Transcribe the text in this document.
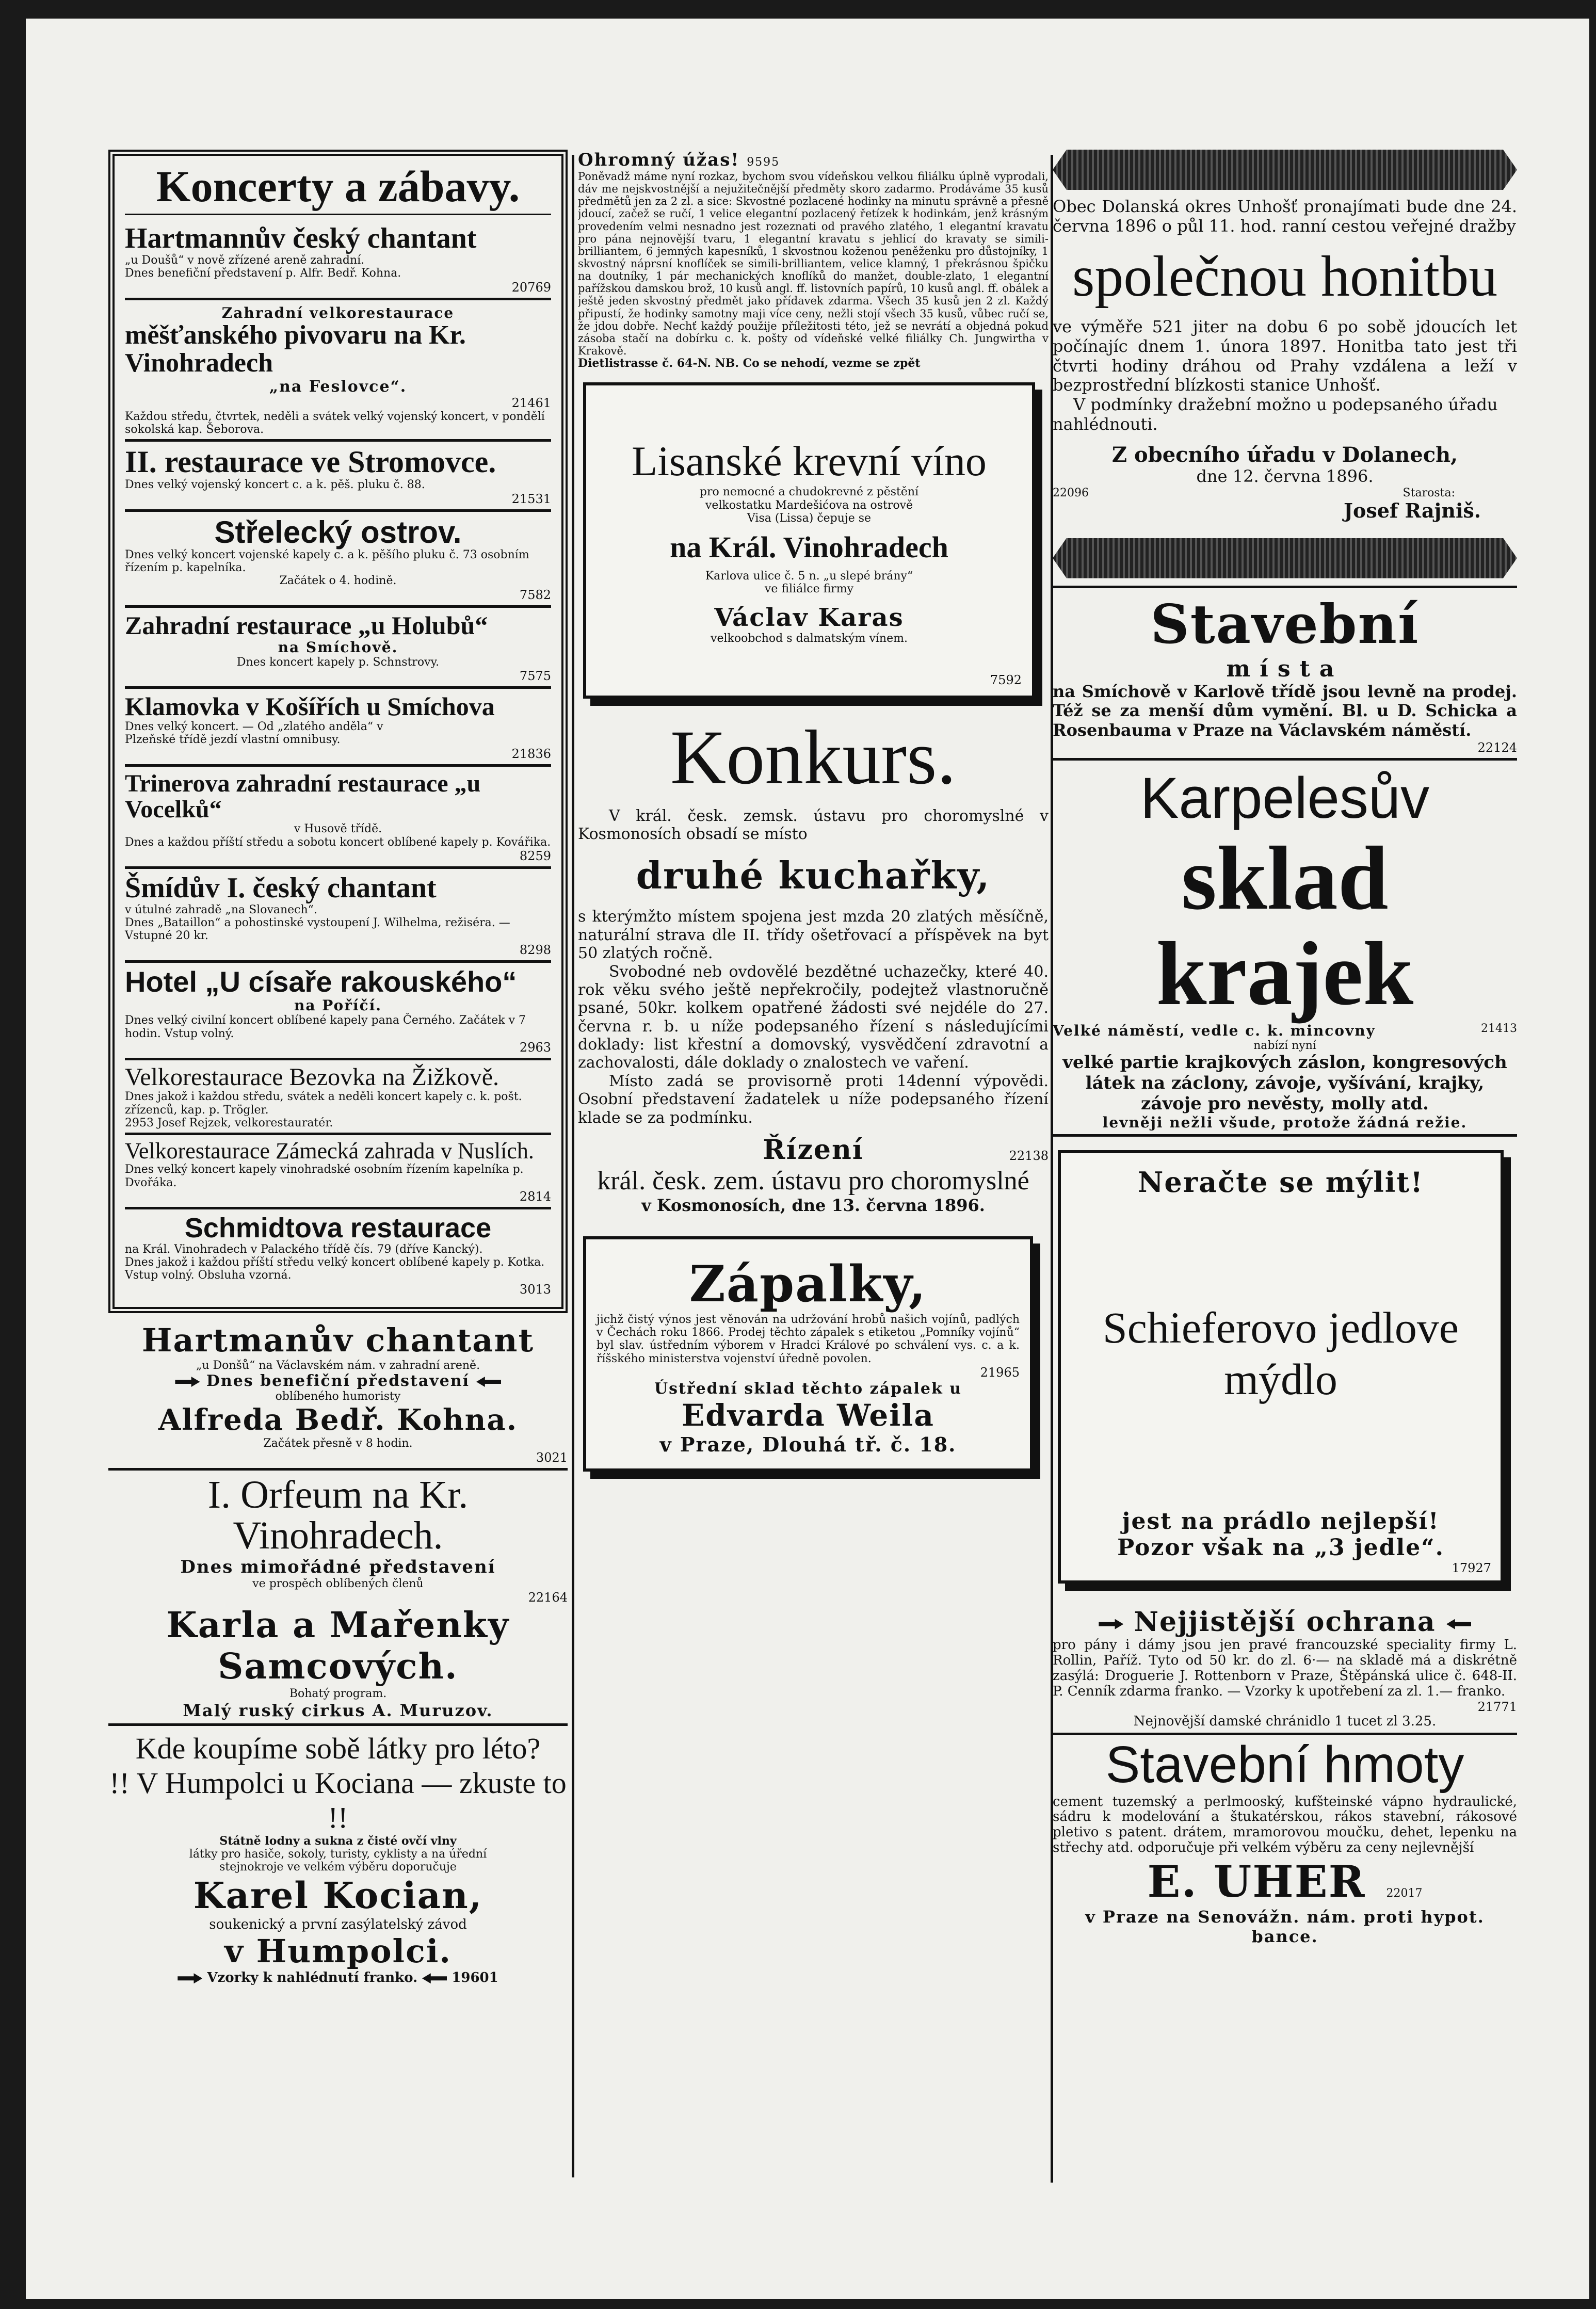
Koncerty a zábavy.
Hartmannův český chantant
„u Doušů“ v nově zřízené areně zahradní.
Dnes benefiční představení p. Alfr. Bedř. Kohna.
20769
Zahradní velkorestaurace
měšťanského pivovaru na Kr. Vinohradech
„na Feslovce“.
21461
Každou středu, čtvrtek, neděli a svátek velký vojenský koncert, v pondělí sokolská kap. Šeborova.
II. restaurace ve Stromovce.
Dnes velký vojenský koncert c. a k. pěš. pluku č. 88.
21531
Střelecký ostrov.
Dnes velký koncert vojenské kapely c. a k. pěšího pluku č. 73 osobním řízením p. kapelníka.
Začátek o 4. hodině.
7582
Zahradní restaurace „u Holubů“
na Smíchově.
Dnes koncert kapely p. Schnstrovy.
7575
Klamovka v Košířích u Smíchova
Dnes velký koncert. — Od „zlatého anděla“ v
Plzeňské třídě jezdí vlastní omnibusy.
21836
Trinerova zahradní restaurace „u Vocelků“
v Husově třídě.
Dnes a každou příští středu a sobotu koncert oblíbené kapely p. Kovářika.
8259
Šmídův I. český chantant
v útulné zahradě „na Slovanech“.
Dnes „Bataillon“ a pohostinské vystoupení J. Wilhelma, režiséra. — Vstupné 20 kr.
8298
Hotel „U císaře rakouského“
na Poříčí.
Dnes velký civilní koncert oblíbené kapely pana Černého. Začátek v 7 hodin. Vstup volný.
2963
Velkorestaurace Bezovka na Žižkově.
Dnes jakož i každou středu, svátek a neděli koncert kapely c. k. pošt. zřízenců, kap. p. Trögler.
2953 Josef Rejzek, velkorestauratér.
Velkorestaurace Zámecká zahrada v Nuslích.
Dnes velký koncert kapely vinohradské osobním řízením kapelníka p. Dvořáka.
2814
Schmidtova restaurace
na Král. Vinohradech v Palackého třídě čís. 79 (dříve Kancký).
Dnes jakož i každou příští středu velký koncert oblíbené kapely p. Kotka.
Vstup volný. Obsluha vzorná.
3013
Hartmanův chantant
„u Donšů“ na Václavském nám. v zahradní areně.
Dnes benefiční představení
oblíbeného humoristy
Alfreda Bedř. Kohna.
Začátek přesně v 8 hodin.
3021
I. Orfeum na Kr. Vinohradech.
Dnes mimořádné představení
ve prospěch oblíbených členů
22164
Karla a Mařenky
Samcových.
Bohatý program.
Malý ruský cirkus A. Muruzov.
Kde koupíme sobě látky pro léto?
!! V Humpolci u Kociana — zkuste to !!
Státně lodny a sukna z čisté ovčí vlny
látky pro hasiče, sokoly, turisty, cyklisty a na úřední
stejnokroje ve velkém výběru doporučuje
Karel Kocian,
soukenický a první zasýlatelský závod
v Humpolci.
Vzorky k nahlédnutí franko.	19601
Ohromný úžas! 9595
Poněvadž máme nyní rozkaz, bychom svou vídeňskou velkou filiálku úplně vyprodali, dáv me nejskvostnější a nejužitečnější předměty skoro zadarmo. Prodáváme 35 kusů předmětů jen za 2 zl. a sice: Skvostné pozlacené hodinky na minutu správně a přesně jdoucí, začež se ručí, 1 velice elegantní pozlacený řetízek k hodinkám, jenž krásným provedením velmi nesnadno jest rozeznati od pravého zlatého, 1 elegantní kravatu pro pána nejnovější tvaru, 1 elegantní kravatu s jehlicí do kravaty se simili-brilliantem, 6 jemných kapesníků, 1 skvostnou koženou peněženku pro důstojníky, 1 skvostný náprsní knoflíček se simili-brilliantem, velice klamný, 1 překrásnou špičku na doutníky, 1 pár mechanických knoflíků do manžet, double-zlato, 1 elegantní pařížskou damskou brož, 10 kusů angl. ff. listovních papírů, 10 kusů angl. ff. obálek a ještě jeden skvostný předmět jako přídavek zdarma. Všech 35 kusů jen 2 zl. Každý připustí, že hodinky samotny maji více ceny, nežli stojí všech 35 kusů, vůbec ručí se, že jdou dobře. Nechť každý použije příležitosti této, jež se nevrátí a objedná pokud zásoba stačí na dobírku c. k. pošty od vídeňské velké filiálky Ch. Jungwirtha v Krakově.
Dietlistrasse č. 64-N. NB. Co se nehodí, vezme se zpět
Lisanské krevní víno
pro nemocné a chudokrevné z pěstění
velkostatku Mardešićova na ostrově
Visa (Lissa) čepuje se
na Král. Vinohradech
Karlova ulice č. 5 n. „u slepé brány“
ve filiálce firmy
Václav Karas
velkoobchod s dalmatským vínem.
7592
Konkurs.
V král. česk. zemsk. ústavu pro choromyslné v Kosmonosích obsadí se místo
druhé kuchařky,
s kterýmžto místem spojena jest mzda 20 zlatých měsíčně, naturální strava dle II. třídy ošetřovací a příspěvek na byt 50 zlatých ročně.
Svobodné neb ovdovělé bezdětné uchazečky, které 40. rok věku svého ještě nepřekročily, podejtež vlastnoručně psané, 50kr. kolkem opatřené žádosti své nejdéle do 27. června r. b. u níže podepsaného řízení s následujícími doklady: list křestní a domovský, vysvědčení zdravotní a zachovalosti, dále doklady o znalostech ve vaření.
Místo zadá se provisorně proti 14denní výpovědi. Osobní představení žadatelek u níže podepsaného řízení klade se za podmínku.
Řízení	22138
král. česk. zem. ústavu pro choromyslné
v Kosmonosích, dne 13. června 1896.
Zápalky,
jichž čistý výnos jest věnován na udržování hrobů našich vojínů, padlých v Čechách roku 1866. Prodej těchto zápalek s etiketou „Pomníky vojínů“ byl slav. ústředním výborem v Hradci Králové po schválení vys. c. a k. říšského ministerstva vojenství úředně povolen.
21965
Ústřední sklad těchto zápalek u
Edvarda Weila
v Praze, Dlouhá tř. č. 18.
Obec Dolanská okres Unhošť pronajímati bude dne 24. června 1896 o půl 11. hod. ranní cestou veřejné dražby
společnou honitbu
ve výměře 521 jiter na dobu 6 po sobě jdoucích let počínajíc dnem 1. února 1897. Honitba tato jest tři čtvrti hodiny dráhou od Prahy vzdálena a leží v bezprostřední blízkosti stanice Unhošť.
V podmínky dražební možno u podepsaného úřadu nahlédnouti.
Z obecního úřadu v Dolanech,
dne 12. června 1896.
22096	Starosta:
Josef Rajniš.
Stavební
místa
na Smíchově v Karlově třídě jsou levně na prodej. Též se za menší dům vymění. Bl. u D. Schicka a Rosenbauma v Praze na Václavském náměstí.
22124
Karpelesův
sklad krajek
Velké náměstí, vedle c. k. mincovny	21413
nabízí nyní
velké partie krajkových záslon, kongresových látek na záclony, závoje, vyšívání, krajky, závoje pro nevěsty, molly atd.
levněji nežli všude, protože žádná režie.
Neračte se mýlit!
Schieferovo jedlove mýdlo
jest na prádlo nejlepší!
Pozor však na „3 jedle“.
17927
Nejjistější ochrana
pro pány i dámy jsou jen pravé francouzské speciality firmy L. Rollin, Paříž. Tyto od 50 kr. do zl. 6·— na skladě má a diskrétně zasýlá: Droguerie J. Rottenborn v Praze, Štěpánská ulice č. 648-II. P. Cenník zdarma franko. — Vzorky k upotřebení za zl. 1.— franko.
21771
Nejnovější damské chránidlo 1 tucet zl 3.25.
Stavební hmoty
cement tuzemský a perlmooský, kufšteinské vápno hydraulické, sádru k modelování a štukatérskou, rákos stavební, rákosové pletivo s patent. drátem, mramorovou moučku, dehet, lepenku na střechy atd. odporučuje při velkém výběru za ceny nejlevnější
E. UHER 22017
v Praze na Senovážn. nám. proti hypot. bance.
